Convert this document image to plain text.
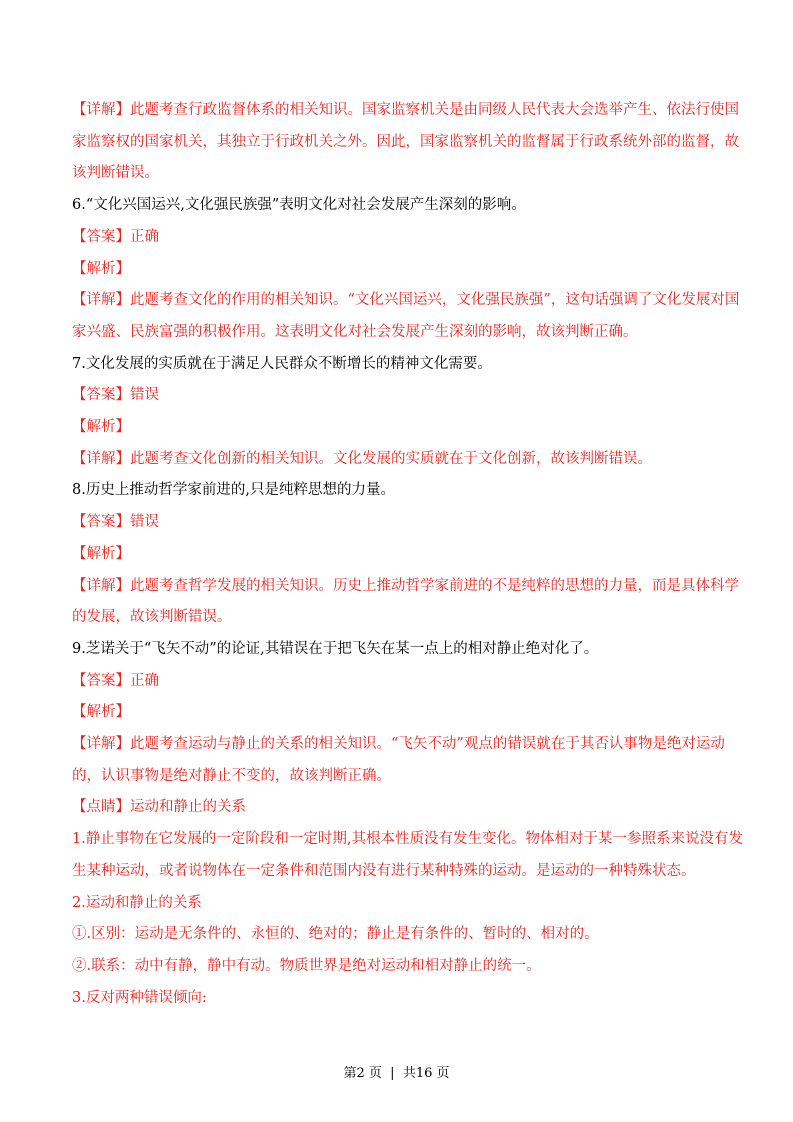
【详解】此题考查行政监督体系的相关知识。国家监察机关是由同级人民代表大会选举产生、依法行使国
家监察权的国家机关，其独立于行政机关之外。因此，国家监察机关的监督属于行政系统外部的监督，故
该判断错误。
6.“文化兴国运兴,文化强民族强”表明文化对社会发展产生深刻的影响。
【答案】正确
【解析】
【详解】此题考查文化的作用的相关知识。“文化兴国运兴，文化强民族强”，这句话强调了文化发展对国
家兴盛、民族富强的积极作用。这表明文化对社会发展产生深刻的影响，故该判断正确。
7.文化发展的实质就在于满足人民群众不断增长的精神文化需要。
【答案】错误
【解析】
【详解】此题考查文化创新的相关知识。文化发展的实质就在于文化创新，故该判断错误。
8.历史上推动哲学家前进的,只是纯粹思想的力量。
【答案】错误
【解析】
【详解】此题考查哲学发展的相关知识。历史上推动哲学家前进的不是纯粹的思想的力量，而是具体科学
的发展，故该判断错误。
9.芝诺关于“飞矢不动”的论证,其错误在于把飞矢在某一点上的相对静止绝对化了。
【答案】正确
【解析】
【详解】此题考查运动与静止的关系的相关知识。“飞矢不动”观点的错误就在于其否认事物是绝对运动
的，认识事物是绝对静止不变的，故该判断正确。
【点睛】运动和静止的关系
1.静止事物在它发展的一定阶段和一定时期,其根本性质没有发生变化。物体相对于某一参照系来说没有发
生某种运动，或者说物体在一定条件和范围内没有进行某种特殊的运动。是运动的一种特殊状态。
2.运动和静止的关系
①.区别：运动是无条件的、永恒的、绝对的；静止是有条件的、暂时的、相对的。
②.联系：动中有静，静中有动。物质世界是绝对运动和相对静止的统一。
3.反对两种错误倾向:
第2 页  |  共16 页
